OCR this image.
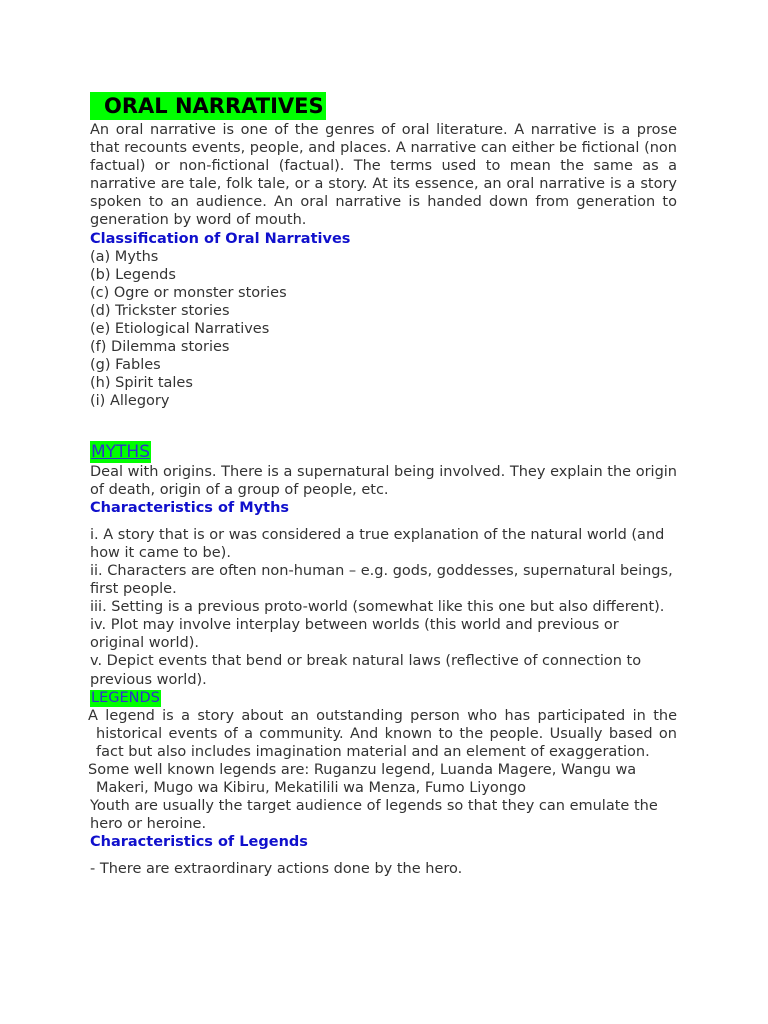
ORAL NARRATIVES

An oral narrative is one of the genres of oral literature. A narrative is a prose that recounts events, people, and places. A narrative can either be fictional (non factual) or non-fictional (factual). The terms used to mean the same as a narrative are tale, folk tale, or a story. At its essence, an oral narrative is a story spoken to an audience. An oral narrative is handed down from generation to generation by word of mouth.

Classification of Oral Narratives

(a) Myths
(b) Legends
(c) Ogre or monster stories
(d) Trickster stories
(e) Etiological Narratives
(f) Dilemma stories
(g) Fables
(h) Spirit tales
(i) Allegory
MYTHS

Deal with origins. There is a supernatural being involved. They explain the origin of death, origin of a group of people, etc.

Characteristics of Myths

i. A story that is or was considered a true explanation of the natural world (and how it came to be).
ii. Characters are often non-human – e.g. gods, goddesses, supernatural beings, first people.
iii. Setting is a previous proto-world (somewhat like this one but also different).
iv. Plot may involve interplay between worlds (this world and previous or original world).
v. Depict events that bend or break natural laws (reflective of connection to previous world).
LEGENDS

A legend is a story about an outstanding person who has participated in the historical events of a community. And known to the people. Usually based on fact but also includes imagination material and an element of exaggeration.

Some well known legends are: Ruganzu legend, Luanda Magere, Wangu wa Makeri, Mugo wa Kibiru, Mekatilili wa Menza, Fumo Liyongo

Youth are usually the target audience of legends so that they can emulate the hero or heroine.

Characteristics of Legends

- There are extraordinary actions done by the hero.
